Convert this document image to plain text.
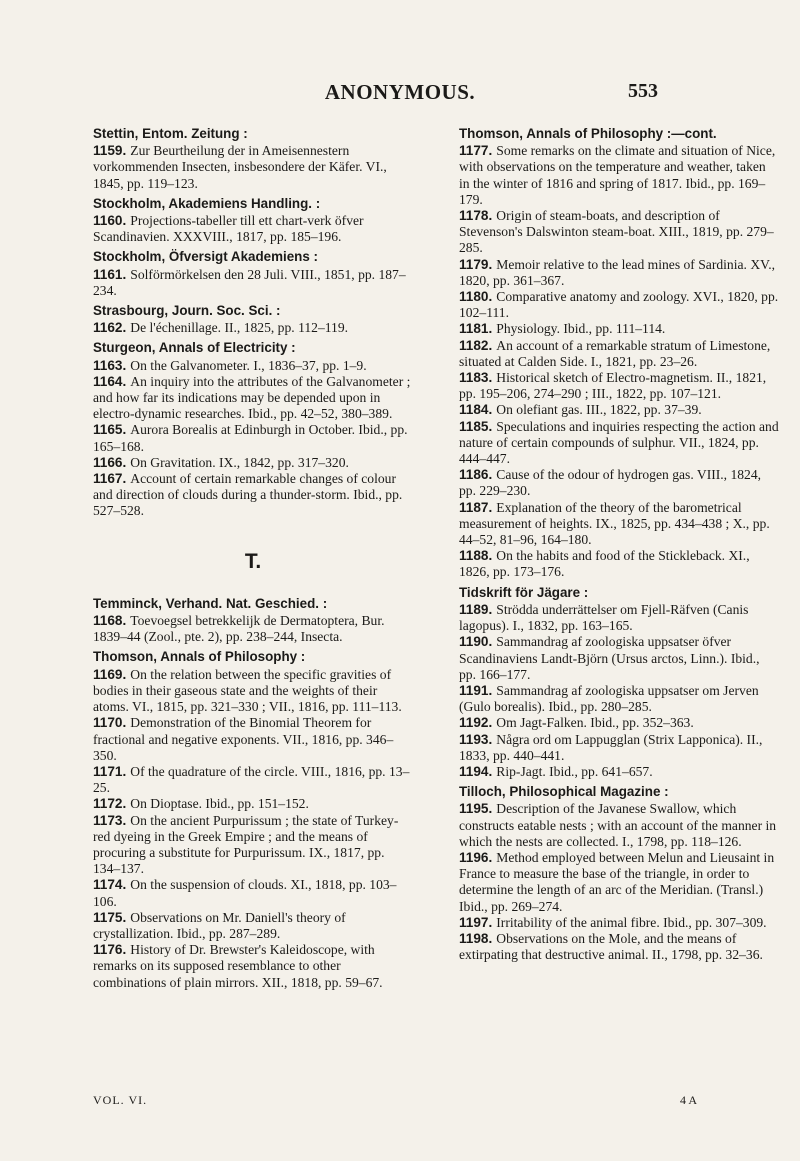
ANONYMOUS.	553
Stettin, Entom. Zeitung :

1159. Zur Beurtheilung der in Ameisennestern vorkommenden Insecten, insbesondere der Käfer. VI., 1845, pp. 119–123.

Stockholm, Akademiens Handling. :

1160. Projections-tabeller till ett chart-verk öfver Scandinavien. XXXVIII., 1817, pp. 185–196.

Stockholm, Öfversigt Akademiens :

1161. Solförmörkelsen den 28 Juli. VIII., 1851, pp. 187–234.

Strasbourg, Journ. Soc. Sci. :

1162. De l'échenillage. II., 1825, pp. 112–119.

Sturgeon, Annals of Electricity :

1163. On the Galvanometer. I., 1836–37, pp. 1–9.

1164. An inquiry into the attributes of the Galvanometer ; and how far its indications may be depended upon in electro-dynamic researches. Ibid., pp. 42–52, 380–389.

1165. Aurora Borealis at Edinburgh in October. Ibid., pp. 165–168.

1166. On Gravitation. IX., 1842, pp. 317–320.

1167. Account of certain remarkable changes of colour and direction of clouds during a thunder-storm. Ibid., pp. 527–528.

T.
Temminck, Verhand. Nat. Geschied. :

1168. Toevoegsel betrekkelijk de Dermatoptera, Bur. 1839–44 (Zool., pte. 2), pp. 238–244, Insecta.

Thomson, Annals of Philosophy :

1169. On the relation between the specific gravities of bodies in their gaseous state and the weights of their atoms. VI., 1815, pp. 321–330 ; VII., 1816, pp. 111–113.

1170. Demonstration of the Binomial Theorem for fractional and negative exponents. VII., 1816, pp. 346–350.

1171. Of the quadrature of the circle. VIII., 1816, pp. 13–25.

1172. On Dioptase. Ibid., pp. 151–152.

1173. On the ancient Purpurissum ; the state of Turkey-red dyeing in the Greek Empire ; and the means of procuring a substitute for Purpurissum. IX., 1817, pp. 134–137.

1174. On the suspension of clouds. XI., 1818, pp. 103–106.

1175. Observations on Mr. Daniell's theory of crystallization. Ibid., pp. 287–289.

1176. History of Dr. Brewster's Kaleidoscope, with remarks on its supposed resemblance to other combinations of plain mirrors. XII., 1818, pp. 59–67.

Thomson, Annals of Philosophy :—cont.

1177. Some remarks on the climate and situation of Nice, with observations on the temperature and weather, taken in the winter of 1816 and spring of 1817. Ibid., pp. 169–179.

1178. Origin of steam-boats, and description of Stevenson's Dalswinton steam-boat. XIII., 1819, pp. 279–285.

1179. Memoir relative to the lead mines of Sardinia. XV., 1820, pp. 361–367.

1180. Comparative anatomy and zoology. XVI., 1820, pp. 102–111.

1181. Physiology. Ibid., pp. 111–114.

1182. An account of a remarkable stratum of Limestone, situated at Calden Side. I., 1821, pp. 23–26.

1183. Historical sketch of Electro-magnetism. II., 1821, pp. 195–206, 274–290 ; III., 1822, pp. 107–121.

1184. On olefiant gas. III., 1822, pp. 37–39.

1185. Speculations and inquiries respecting the action and nature of certain compounds of sulphur. VII., 1824, pp. 444–447.

1186. Cause of the odour of hydrogen gas. VIII., 1824, pp. 229–230.

1187. Explanation of the theory of the barometrical measurement of heights. IX., 1825, pp. 434–438 ; X., pp. 44–52, 81–96, 164–180.

1188. On the habits and food of the Stickleback. XI., 1826, pp. 173–176.

Tidskrift för Jägare :

1189. Strödda underrättelser om Fjell-Räfven (Canis lagopus). I., 1832, pp. 163–165.

1190. Sammandrag af zoologiska uppsatser öfver Scandinaviens Landt-Björn (Ursus arctos, Linn.). Ibid., pp. 166–177.

1191. Sammandrag af zoologiska uppsatser om Jerven (Gulo borealis). Ibid., pp. 280–285.

1192. Om Jagt-Falken. Ibid., pp. 352–363.

1193. Några ord om Lappugglan (Strix Lapponica). II., 1833, pp. 440–441.

1194. Rip-Jagt. Ibid., pp. 641–657.

Tilloch, Philosophical Magazine :

1195. Description of the Javanese Swallow, which constructs eatable nests ; with an account of the manner in which the nests are collected. I., 1798, pp. 118–126.

1196. Method employed between Melun and Lieusaint in France to measure the base of the triangle, in order to determine the length of an arc of the Meridian. (Transl.) Ibid., pp. 269–274.

1197. Irritability of the animal fibre. Ibid., pp. 307–309.

1198. Observations on the Mole, and the means of extirpating that destructive animal. II., 1798, pp. 32–36.

VOL. VI.	4 A
